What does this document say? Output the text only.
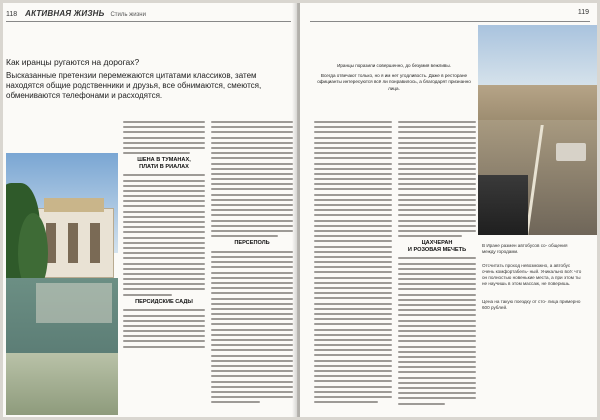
118 АКТИВНАЯ ЖИЗНЬ Стиль жизни
Как иранцы ругаются на дорогах?
Высказанные претензии перемежаются цитатами классиков, затем находятся общие родственники и друзья, все обнимаются, смеются, обмениваются телефонами и расходятся.
ШЕНА В ТУМАНАХ,
ПЛАТИ В РИАЛАХ
ПЕРСИДСКИЕ САДЫ
ПЕРСЕПОЛЬ
119
Иранцы поразили совершенно, до безумия вежливы.
Всегда отвечают только, но я им нет угодливость. Даже в ресторане официанты интересуются всё ли понравилось, а благодарят признанно лица.
ЦАХЧЕРАН
И РОЗОВАЯ МЕЧЕТЬ
В Иране размен автобусов со- общения между городами.
Отсчитать проход невозможно, а автобус очень комфортабель- ный. Уникально всё: что он полностью новенькие места, а при этом ты не научишь в этом массаж, не поверишь.
Цена на такую поездку от сто- лица примерно 600 рублей.
